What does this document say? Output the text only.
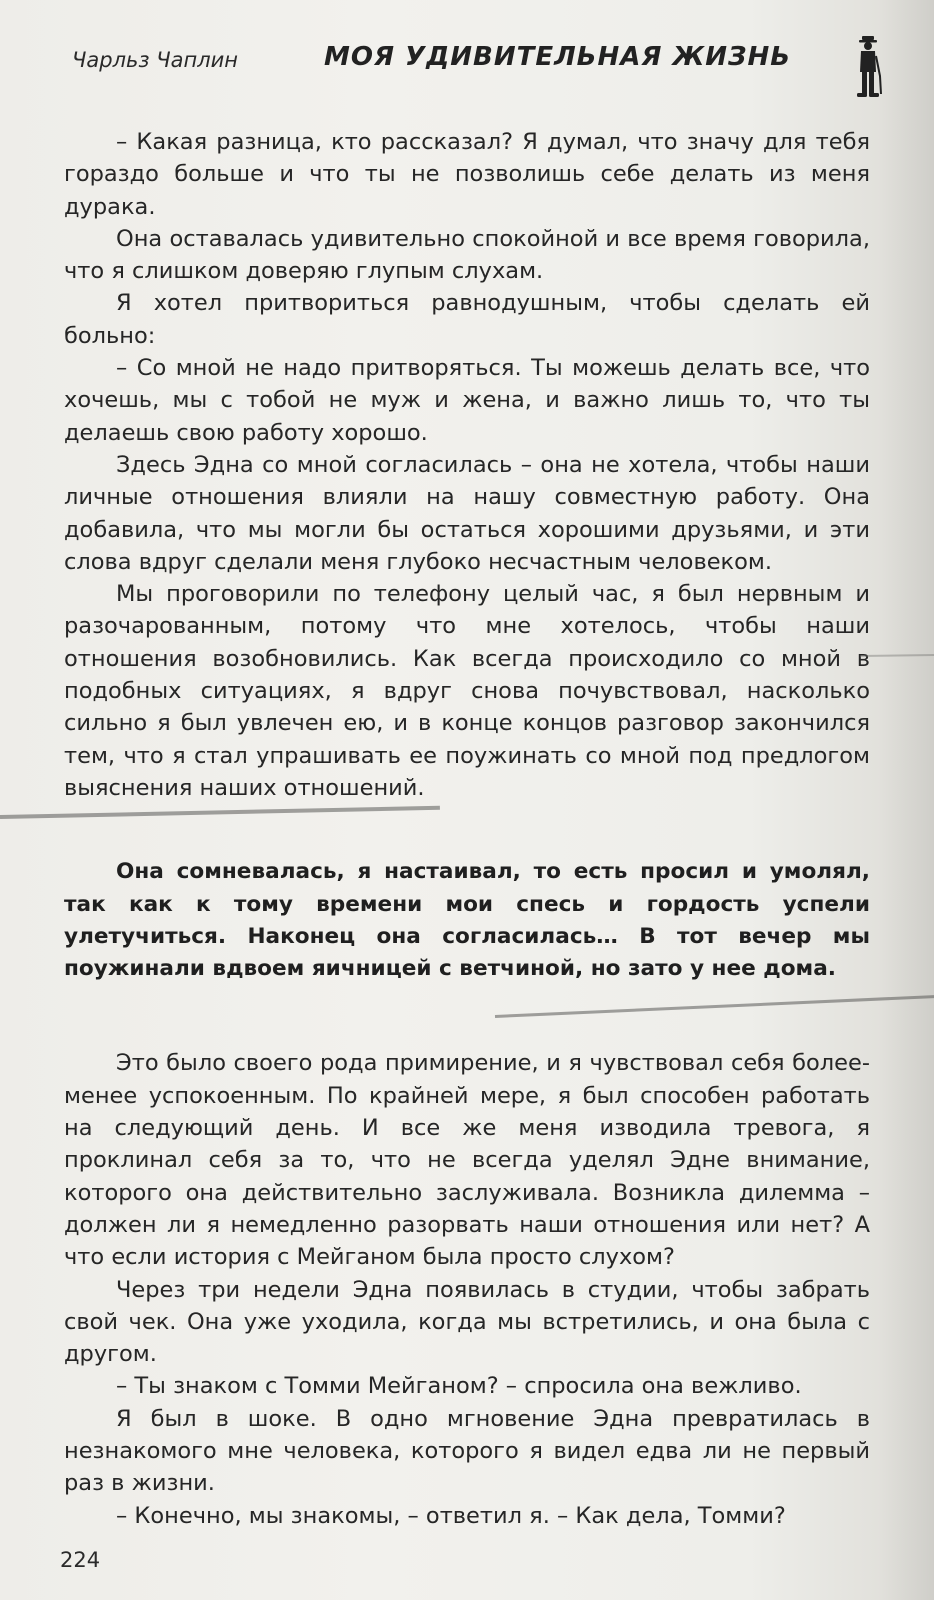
Чарльз Чаплин	МОЯ УДИВИТЕЛЬНАЯ ЖИЗНЬ

– Какая разница, кто рассказал? Я думал, что значу для тебя гораздо больше и что ты не позволишь себе делать из меня дурака.

Она оставалась удивительно спокойной и все время говорила, что я слишком доверяю глупым слухам.

Я хотел притвориться равнодушным, чтобы сделать ей больно:

– Со мной не надо притворяться. Ты можешь делать все, что хочешь, мы с тобой не муж и жена, и важно лишь то, что ты делаешь свою работу хорошо.

Здесь Эдна со мной согласилась – она не хотела, чтобы наши личные отношения влияли на нашу совместную работу. Она добавила, что мы могли бы остаться хорошими друзьями, и эти слова вдруг сделали меня глубоко несчастным человеком.

Мы проговорили по телефону целый час, я был нервным и разочарованным, потому что мне хотелось, чтобы наши отношения возобновились. Как всегда происходило со мной в подобных ситуациях, я вдруг снова почувствовал, насколько сильно я был увлечен ею, и в конце концов разговор закончился тем, что я стал упрашивать ее поужинать со мной под предлогом выяснения наших отношений.

Она сомневалась, я настаивал, то есть просил и умолял, так как к тому времени мои спесь и гордость успели улетучиться. Наконец она согласилась… В тот вечер мы поужинали вдвоем яичницей с ветчиной, но зато у нее дома.

Это было своего рода примирение, и я чувствовал себя более-менее успокоенным. По крайней мере, я был способен работать на следующий день. И все же меня изводила тревога, я проклинал себя за то, что не всегда уделял Эдне внимание, которого она действительно заслуживала. Возникла дилемма – должен ли я немедленно разорвать наши отношения или нет? А что если история с Мейганом была просто слухом?

Через три недели Эдна появилась в студии, чтобы забрать свой чек. Она уже уходила, когда мы встретились, и она была с другом.

– Ты знаком с Томми Мейганом? – спросила она вежливо.

Я был в шоке. В одно мгновение Эдна превратилась в незнакомого мне человека, которого я видел едва ли не первый раз в жизни.

– Конечно, мы знакомы, – ответил я. – Как дела, Томми?

224
